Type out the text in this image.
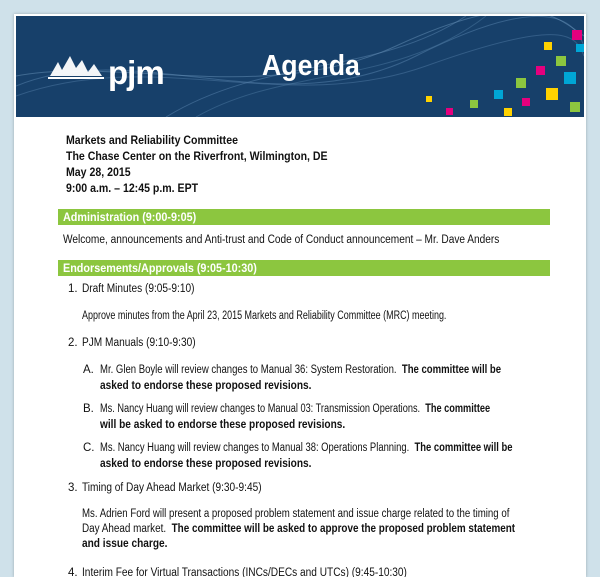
pjm	Agenda
Markets and Reliability Committee
The Chase Center on the Riverfront, Wilmington, DE
May 28, 2015
9:00 a.m. – 12:45 p.m. EPT
Administration (9:00-9:05)
Welcome, announcements and Anti-trust and Code of Conduct announcement – Mr. Dave Anders
Endorsements/Approvals (9:05-10:30)
1. Draft Minutes (9:05-9:10)
Approve minutes from the April 23, 2015 Markets and Reliability Committee (MRC) meeting.
2. PJM Manuals (9:10-9:30)
A. Mr. Glen Boyle will review changes to Manual 36: System Restoration. The committee will be
asked to endorse these proposed revisions.
B. Ms. Nancy Huang will review changes to Manual 03: Transmission Operations. The committee
will be asked to endorse these proposed revisions.
C. Ms. Nancy Huang will review changes to Manual 38: Operations Planning. The committee will be
asked to endorse these proposed revisions.
3. Timing of Day Ahead Market (9:30-9:45)
Ms. Adrien Ford will present a proposed problem statement and issue charge related to the timing of
Day Ahead market. The committee will be asked to approve the proposed problem statement
and issue charge.
4. Interim Fee for Virtual Transactions (INCs/DECs and UTCs) (9:45-10:30)
